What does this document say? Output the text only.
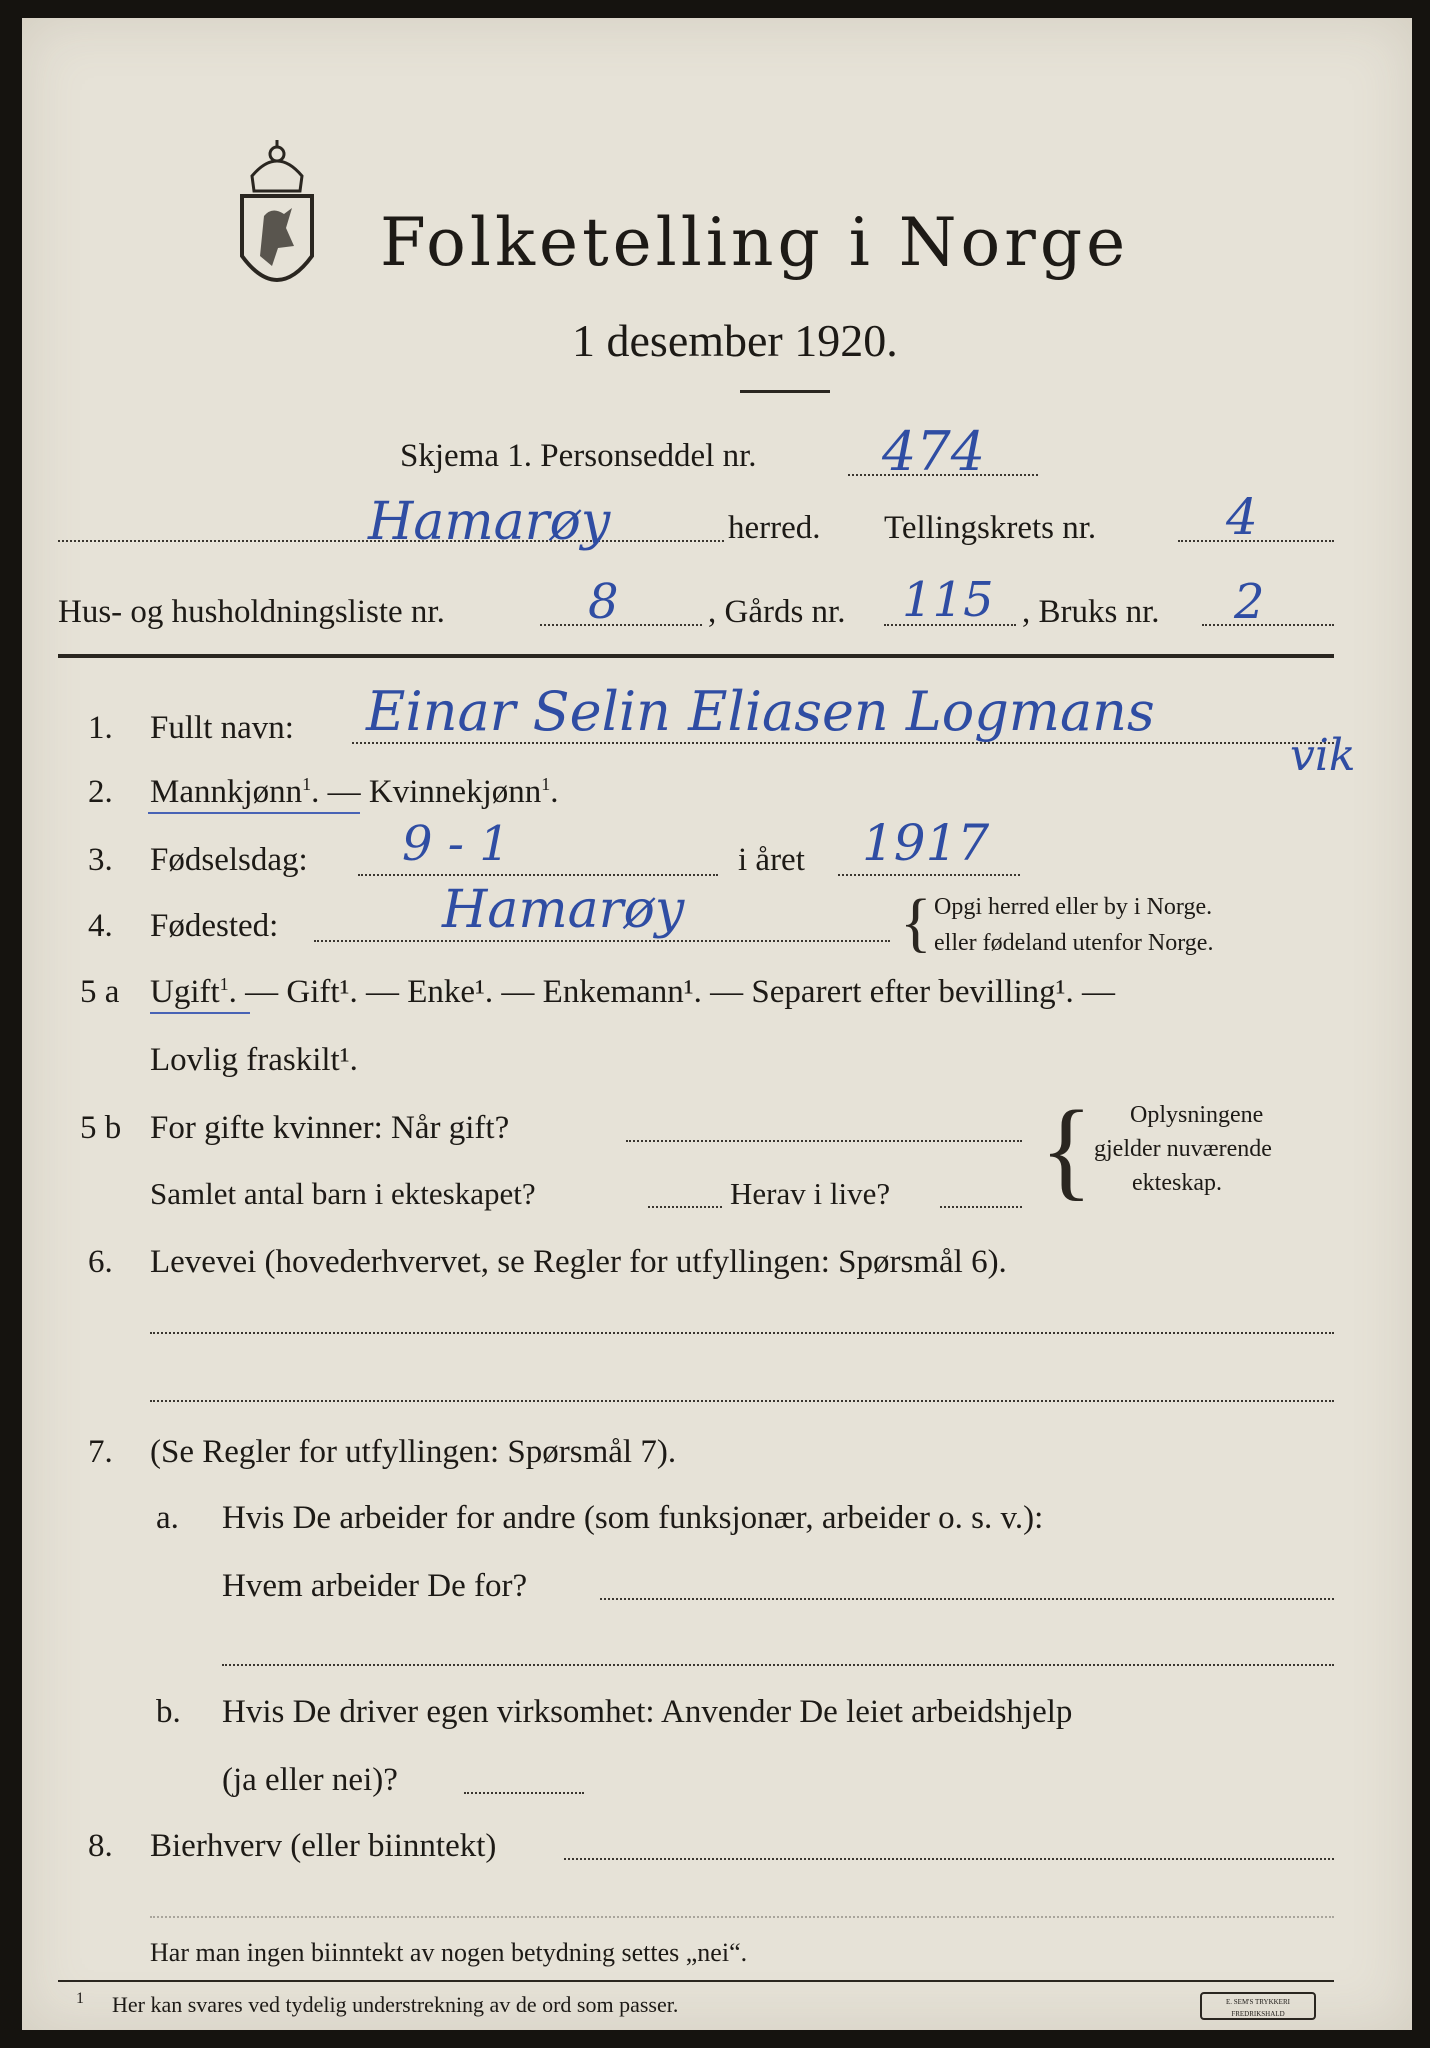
Folketelling i Norge
1 desember 1920.
Skjema 1. Personseddel nr. 474
Hamarøy	herred. Tellingskrets nr.	4
Hus- og husholdningsliste nr.	8	, Gårds nr. 115 , Bruks nr. 2
1. Fullt navn: Einar Selin Eliasen Logmans
vik
2. Mannkjønn$^1$. — Kvinnekjønn$^1$.
3. Fødselsdag: 9 - 1	i året 1917
4. Fødested:	Hamarøy	{ Opgi herred eller by i Norge.
eller fødeland utenfor Norge.
5 a Ugift$^1$. — Gift¹. — Enke¹. — Enkemann¹. — Separert efter bevilling¹. —
Lovlig fraskilt¹.
5 b For gifte kvinner: Når gift?
Samlet antal barn i ekteskapet?	Herav i live? { Oplysningene
gjelder nuværende
ekteskap.
6. Levevei (hovederhvervet, se Regler for utfyllingen: Spørsmål 6).
7. (Se Regler for utfyllingen: Spørsmål 7).
a. Hvis De arbeider for andre (som funksjonær, arbeider o. s. v.):
Hvem arbeider De for?
b. Hvis De driver egen virksomhet: Anvender De leiet arbeidshjelp
(ja eller nei)?
8. Bierhverv (eller biinntekt)
Har man ingen biinntekt av nogen betydning settes „nei“.
1 Her kan svares ved tydelig understrekning av de ord som passer.	E. SEM'S TRYKKERI FREDRIKSHALD
